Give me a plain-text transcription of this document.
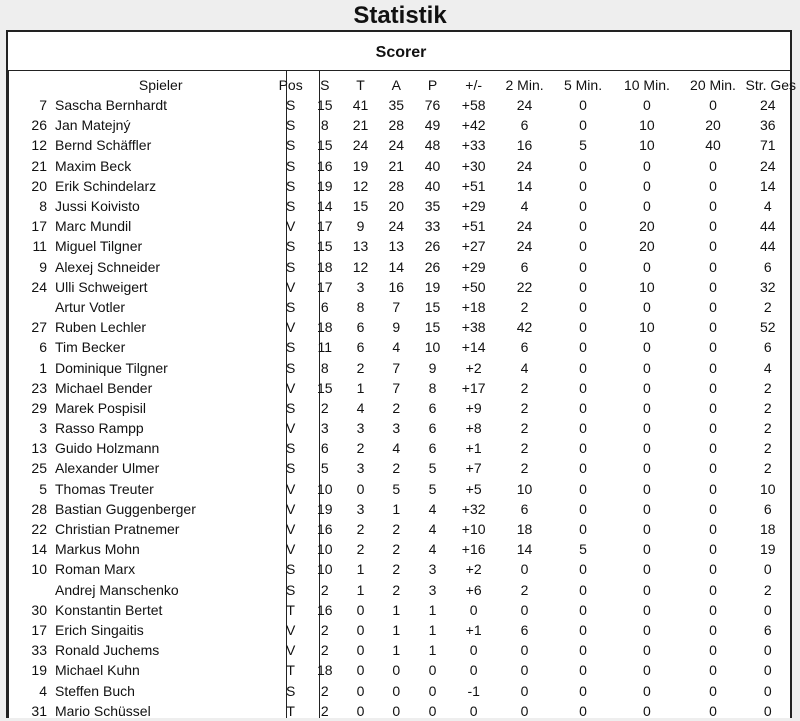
Statistik
Scorer
	Spieler	Pos	S	T	A	P	+/-	2 Min.	5 Min.	10 Min.	20 Min.	Str. Ges
7	Sascha Bernhardt	S	15	41	35	76	+58	24	0	0	0	24
26	Jan Matejný	S	8	21	28	49	+42	6	0	10	20	36
12	Bernd Schäffler	S	15	24	24	48	+33	16	5	10	40	71
21	Maxim Beck	S	16	19	21	40	+30	24	0	0	0	24
20	Erik Schindelarz	S	19	12	28	40	+51	14	0	0	0	14
8	Jussi Koivisto	S	14	15	20	35	+29	4	0	0	0	4
17	Marc Mundil	V	17	9	24	33	+51	24	0	20	0	44
11	Miguel Tilgner	S	15	13	13	26	+27	24	0	20	0	44
9	Alexej Schneider	S	18	12	14	26	+29	6	0	0	0	6
24	Ulli Schweigert	V	17	3	16	19	+50	22	0	10	0	32
	Artur Votler	S	6	8	7	15	+18	2	0	0	0	2
27	Ruben Lechler	V	18	6	9	15	+38	42	0	10	0	52
6	Tim Becker	S	11	6	4	10	+14	6	0	0	0	6
1	Dominique Tilgner	S	8	2	7	9	+2	4	0	0	0	4
23	Michael Bender	V	15	1	7	8	+17	2	0	0	0	2
29	Marek Pospisil	S	2	4	2	6	+9	2	0	0	0	2
3	Rasso Rampp	V	3	3	3	6	+8	2	0	0	0	2
13	Guido Holzmann	S	6	2	4	6	+1	2	0	0	0	2
25	Alexander Ulmer	S	5	3	2	5	+7	2	0	0	0	2
5	Thomas Treuter	V	10	0	5	5	+5	10	0	0	0	10
28	Bastian Guggenberger	V	19	3	1	4	+32	6	0	0	0	6
22	Christian Pratnemer	V	16	2	2	4	+10	18	0	0	0	18
14	Markus Mohn	V	10	2	2	4	+16	14	5	0	0	19
10	Roman Marx	S	10	1	2	3	+2	0	0	0	0	0
	Andrej Manschenko	S	2	1	2	3	+6	2	0	0	0	2
30	Konstantin Bertet	T	16	0	1	1	0	0	0	0	0	0
17	Erich Singaitis	V	2	0	1	1	+1	6	0	0	0	6
33	Ronald Juchems	V	2	0	1	1	0	0	0	0	0	0
19	Michael Kuhn	T	18	0	0	0	0	0	0	0	0	0
4	Steffen Buch	S	2	0	0	0	-1	0	0	0	0	0
31	Mario Schüssel	T	2	0	0	0	0	0	0	0	0	0
